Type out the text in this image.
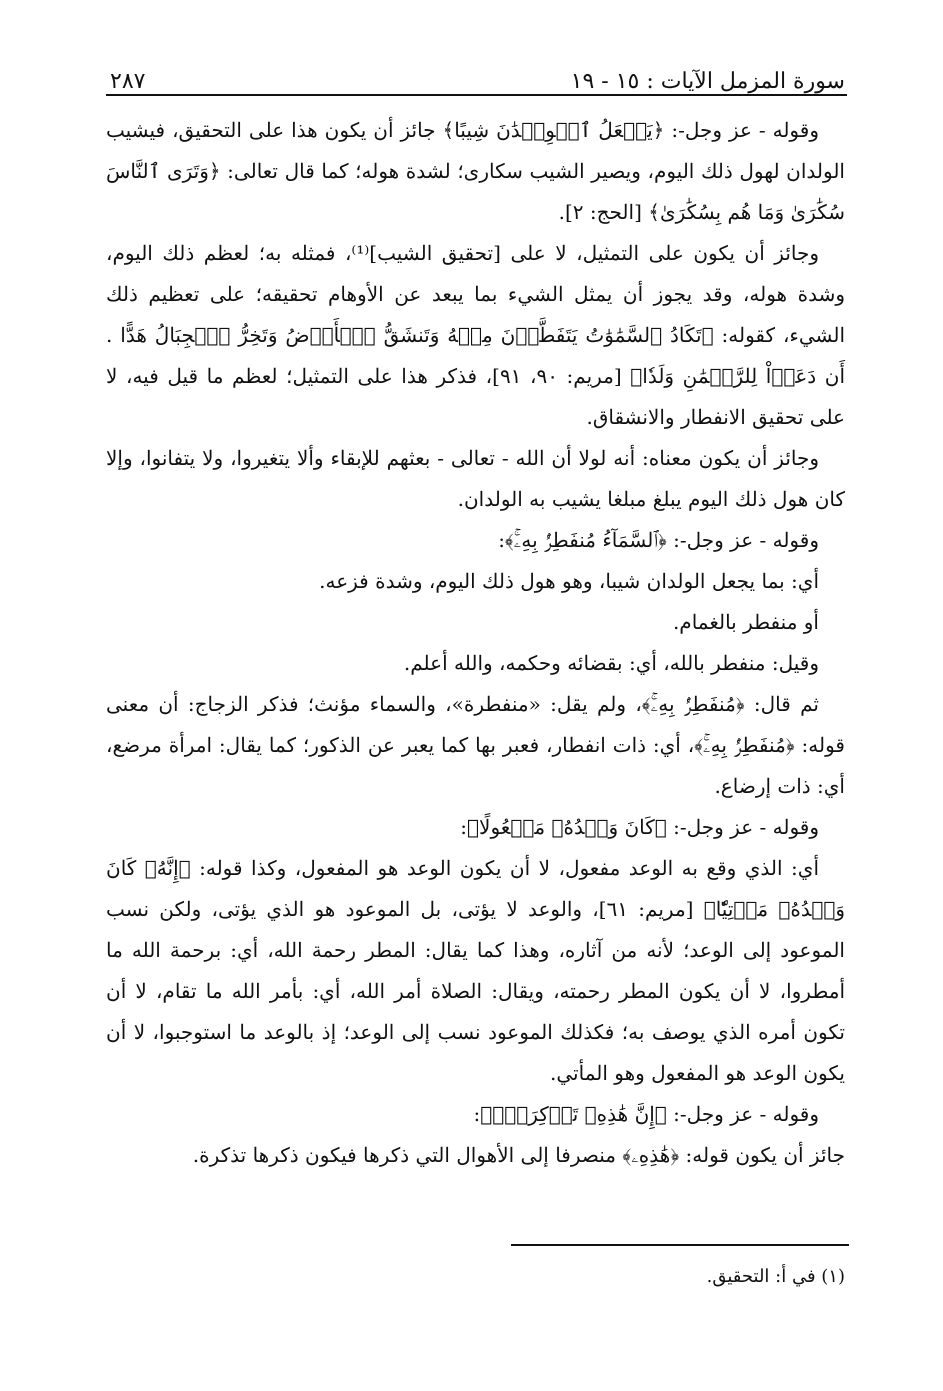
سورة المزمل الآيات : ١٥ - ١٩
٢٨٧

وقوله - عز وجل-: ﴿يَجۡعَلُ ٱلۡوِلۡدَٰنَ شِيبًا﴾ جائز أن يكون هذا على التحقيق، فيشيب الولدان لهول ذلك اليوم، ويصير الشيب سكارى؛ لشدة هوله؛ كما قال تعالى: ﴿وَتَرَى ٱلنَّاسَ سُكَٰرَىٰ وَمَا هُم بِسُكَٰرَىٰ﴾ [الحج: ٢].

وجائز أن يكون على التمثيل، لا على [تحقيق الشيب]⁽¹⁾، فمثله به؛ لعظم ذلك اليوم، وشدة هوله، وقد يجوز أن يمثل الشيء بما يبعد عن الأوهام تحقيقه؛ على تعظيم ذلك الشيء، كقوله: ﴿تَكَادُ ٱلسَّمَٰوَٰتُ يَتَفَطَّرۡنَ مِنۡهُ وَتَنشَقُّ ٱلۡأَرۡضُ وَتَخِرُّ ٱلۡجِبَالُ هَدًّا . أَن دَعَوۡاْ لِلرَّحۡمَٰنِ وَلَدٗا﴾ [مريم: ٩٠، ٩١]، فذكر هذا على التمثيل؛ لعظم ما قيل فيه، لا على تحقيق الانفطار والانشقاق.

وجائز أن يكون معناه: أنه لولا أن الله - تعالى - بعثهم للإبقاء وألا يتغيروا، ولا يتفانوا، وإلا كان هول ذلك اليوم يبلغ مبلغا يشيب به الولدان.

وقوله - عز وجل-: ﴿ٱلسَّمَآءُ مُنفَطِرُۢ بِهِۦۚ﴾:

أي: بما يجعل الولدان شيبا، وهو هول ذلك اليوم، وشدة فزعه.

أو منفطر بالغمام.

وقيل: منفطر بالله، أي: بقضائه وحكمه، والله أعلم.

ثم قال: ﴿مُنفَطِرُۢ بِهِۦۚ﴾، ولم يقل: «منفطرة»، والسماء مؤنث؛ فذكر الزجاج: أن معنى قوله: ﴿مُنفَطِرُۢ بِهِۦۚ﴾، أي: ذات انفطار، فعبر بها كما يعبر عن الذكور؛ كما يقال: امرأة مرضع، أي: ذات إرضاع.

وقوله - عز وجل-: ﴿كَانَ وَعۡدُهُۥ مَفۡعُولًا﴾:

أي: الذي وقع به الوعد مفعول، لا أن يكون الوعد هو المفعول، وكذا قوله: ﴿إِنَّهُۥ كَانَ وَعۡدُهُۥ مَأۡتِيّٗا﴾ [مريم: ٦١]، والوعد لا يؤتى، بل الموعود هو الذي يؤتى، ولكن نسب الموعود إلى الوعد؛ لأنه من آثاره، وهذا كما يقال: المطر رحمة الله، أي: برحمة الله ما أمطروا، لا أن يكون المطر رحمته، ويقال: الصلاة أمر الله، أي: بأمر الله ما تقام، لا أن تكون أمره الذي يوصف به؛ فكذلك الموعود نسب إلى الوعد؛ إذ بالوعد ما استوجبوا، لا أن يكون الوعد هو المفعول وهو المأتي.

وقوله - عز وجل-: ﴿إِنَّ هَٰذِهِۦ تَذۡكِرَةٞۖ﴾:

جائز أن يكون قوله: ﴿هَٰذِهِۦ﴾ منصرفا إلى الأهوال التي ذكرها فيكون ذكرها تذكرة.

(١) في أ: التحقيق.
